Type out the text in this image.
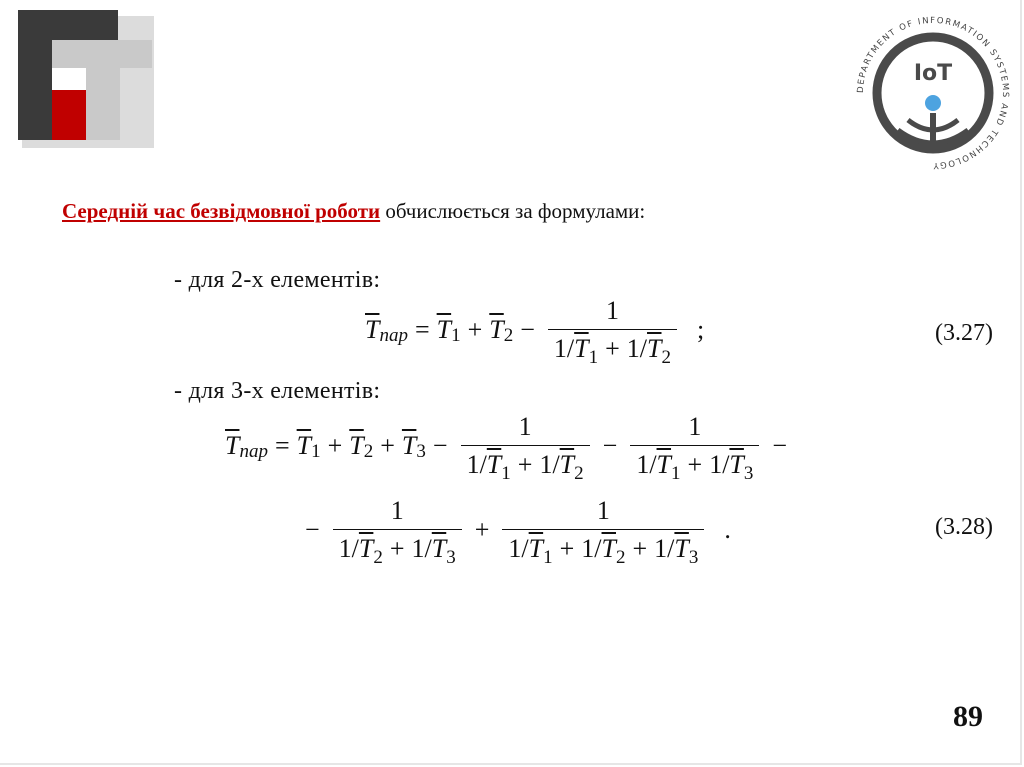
DEPARTMENT OF INFORMATION SYSTEMS AND TECHNOLOGY
IoT
Середній час безвідмовної роботи обчислюється за формулами:
- для 2-х елементів:
$\overline{T}$ пар = $\overline{T}$ $1 + \overline{T}$ $2 - \frac{1}{1/\overline{T}_1 + 1/\overline{T}_2}$ ;	(3.27)
- для 3-х елементів:
$\overline{T}$ пар = $\overline{T}$ $1 + \overline{T}$ $2 + \overline{T}$ $3 - \frac{1}{1/\overline{T}_1 + 1/\overline{T}_2} - \frac{1}{1/\overline{T}_1 + 1/\overline{T}_3}$ −
− $\frac{1}{1/\overline{T}_2 + 1/\overline{T}_3} + \frac{1}{1/\overline{T}_1 + 1/\overline{T}_2 + 1/\overline{T}_3}$ .	(3.28)
89
